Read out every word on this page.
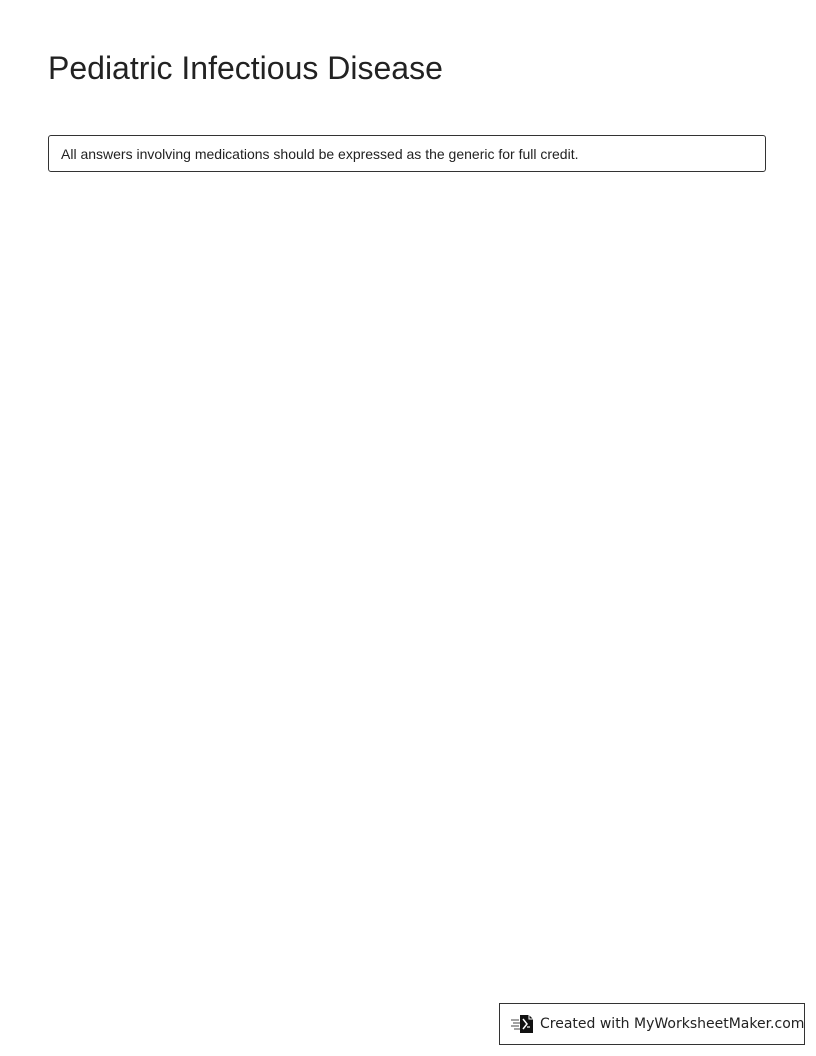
Pediatric Infectious Disease
All answers involving medications should be expressed as the generic for full credit.
Created with MyWorksheetMaker.com
